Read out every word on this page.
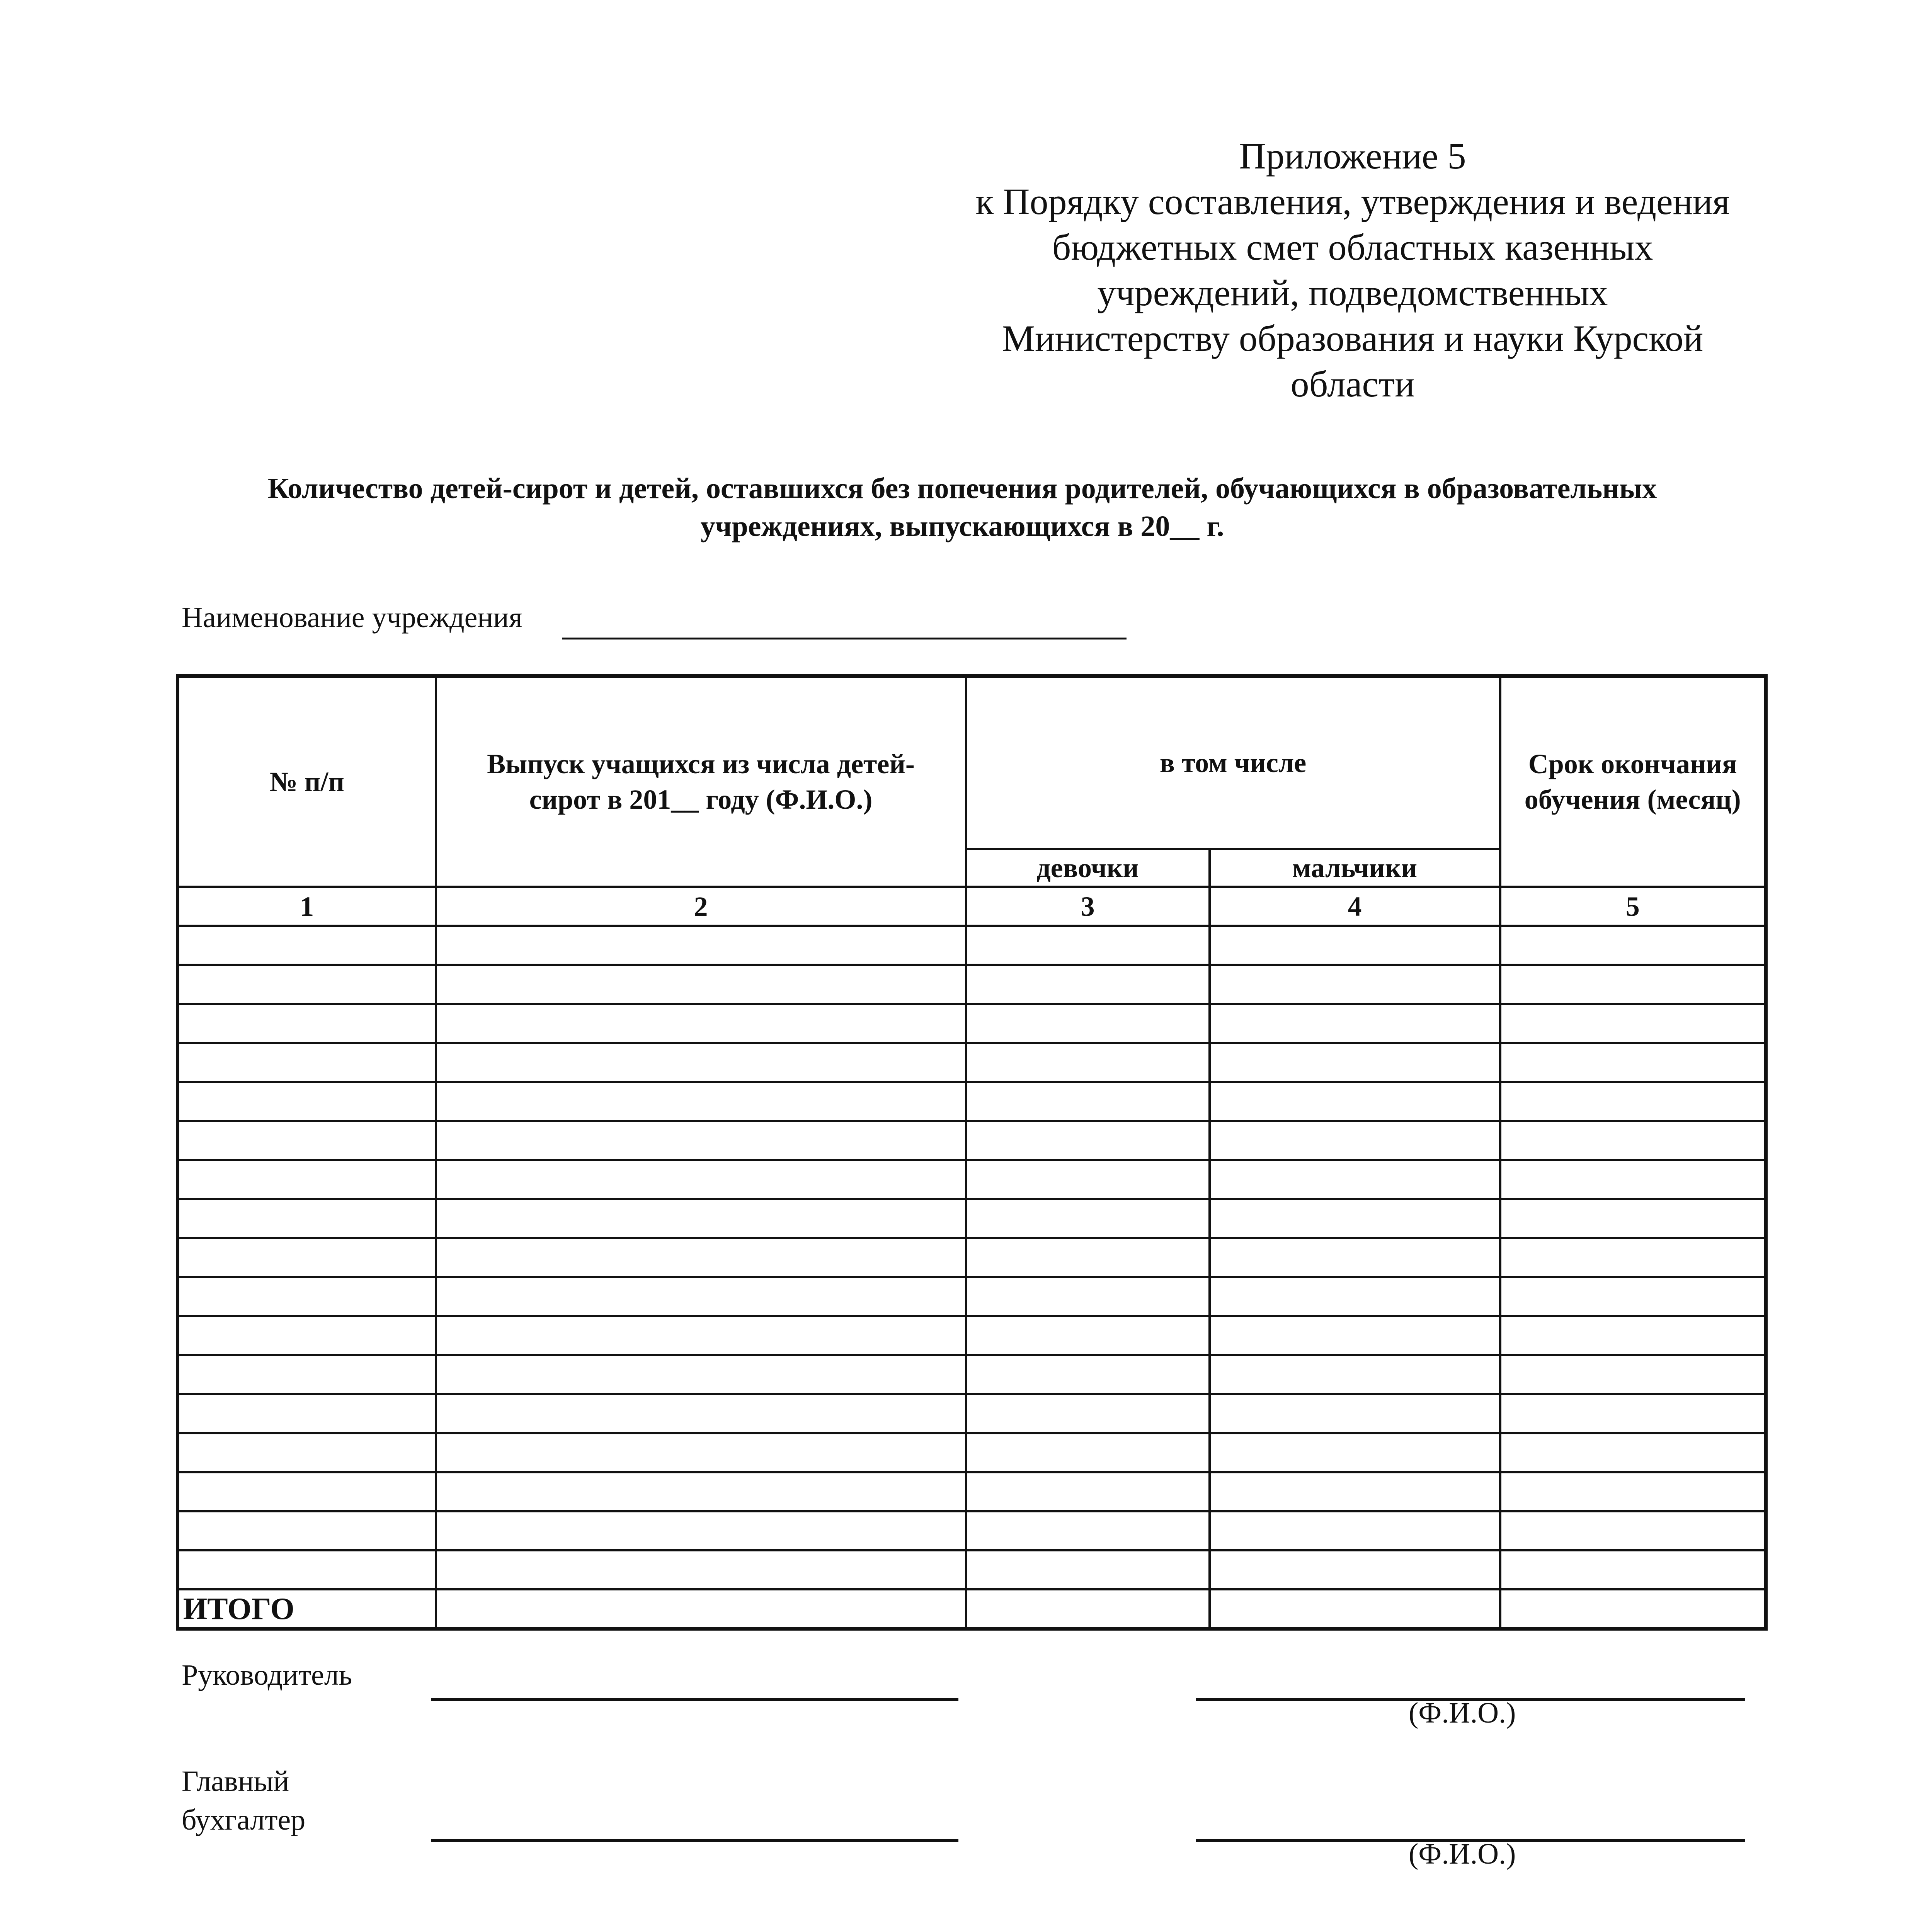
Приложение 5
к Порядку составления, утверждения и ведения
бюджетных смет областных казенных
учреждений, подведомственных
Министерству образования и науки Курской
области
Количество детей-сирот и детей, оставшихся без попечения родителей, обучающихся в образовательных
учреждениях, выпускающихся в 20__ г.
Наименование учреждения
№ п/п	Выпуск учащихся из числа детей-сирот в 201__ году (Ф.И.О.)	в том числе		Срок окончания обучения (месяц)
		девочки	мальчики	
1	2	3	4	5

ИТОГО				
Руководитель
(Ф.И.О.)
Главный
бухгалтер
(Ф.И.О.)
